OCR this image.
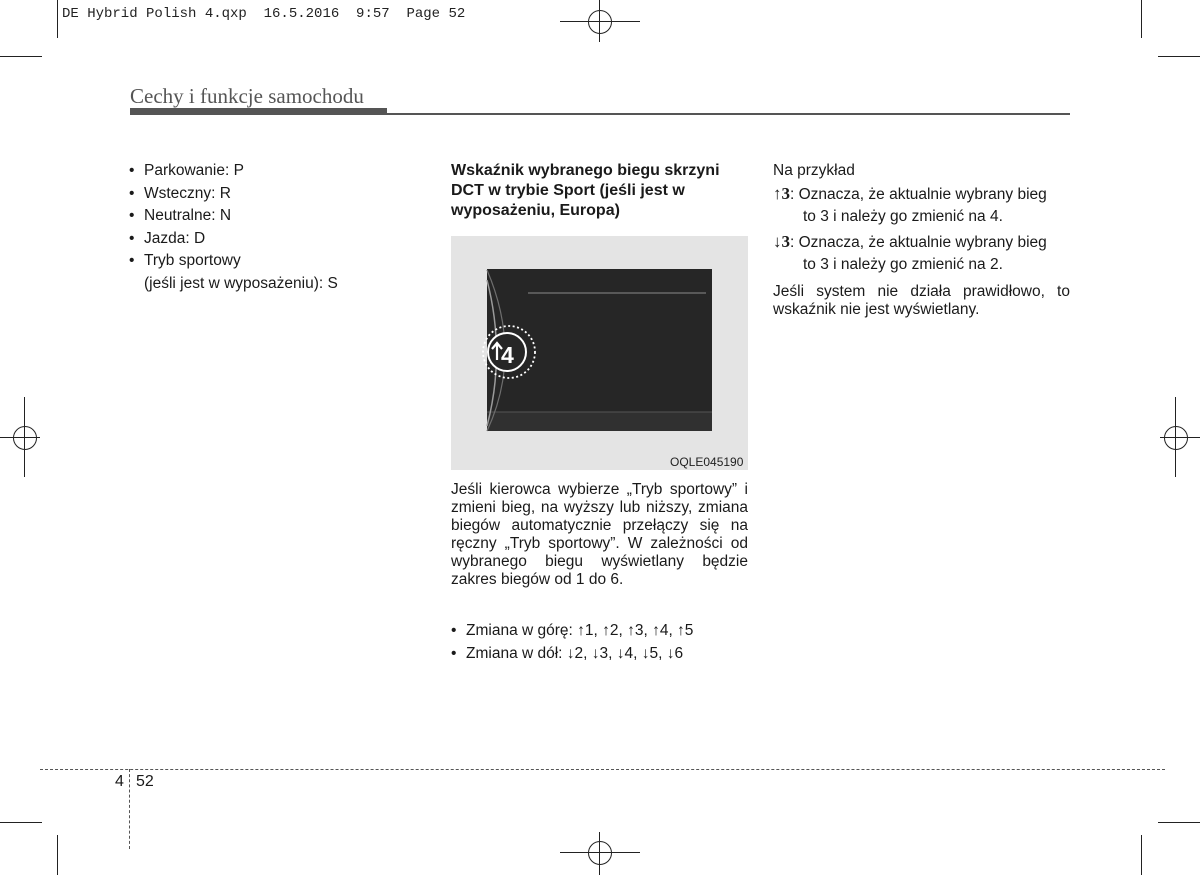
DE Hybrid Polish 4.qxp  16.5.2016  9:57  Page 52
Cechy i funkcje samochodu
• Parkowanie: P
• Wsteczny: R
• Neutralne: N
• Jazda: D
• Tryb sportowy
(jeśli jest w wyposażeniu): S
Wskaźnik wybranego biegu skrzyni DCT w trybie Sport (jeśli jest w wyposażeniu, Europa)
4
OQLE045190
Jeśli kierowca wybierze „Tryb sportowy” i zmieni bieg, na wyższy lub niższy, zmiana biegów automatycznie przełączy się na ręczny „Tryb sportowy”. W zależności od wybranego biegu wyświetlany będzie zakres biegów od 1 do 6.
• Zmiana w górę: ↑1, ↑2, ↑3, ↑4, ↑5
• Zmiana w dół: ↓2, ↓3, ↓4, ↓5, ↓6

Na przykład

↑3: Oznacza, że aktualnie wybrany bieg

to 3 i należy go zmienić na 4.

↓3: Oznacza, że aktualnie wybrany bieg

to 3 i należy go zmienić na 2.

Jeśli system nie działa prawidłowo, to wskaźnik nie jest wyświetlany.

4 52
